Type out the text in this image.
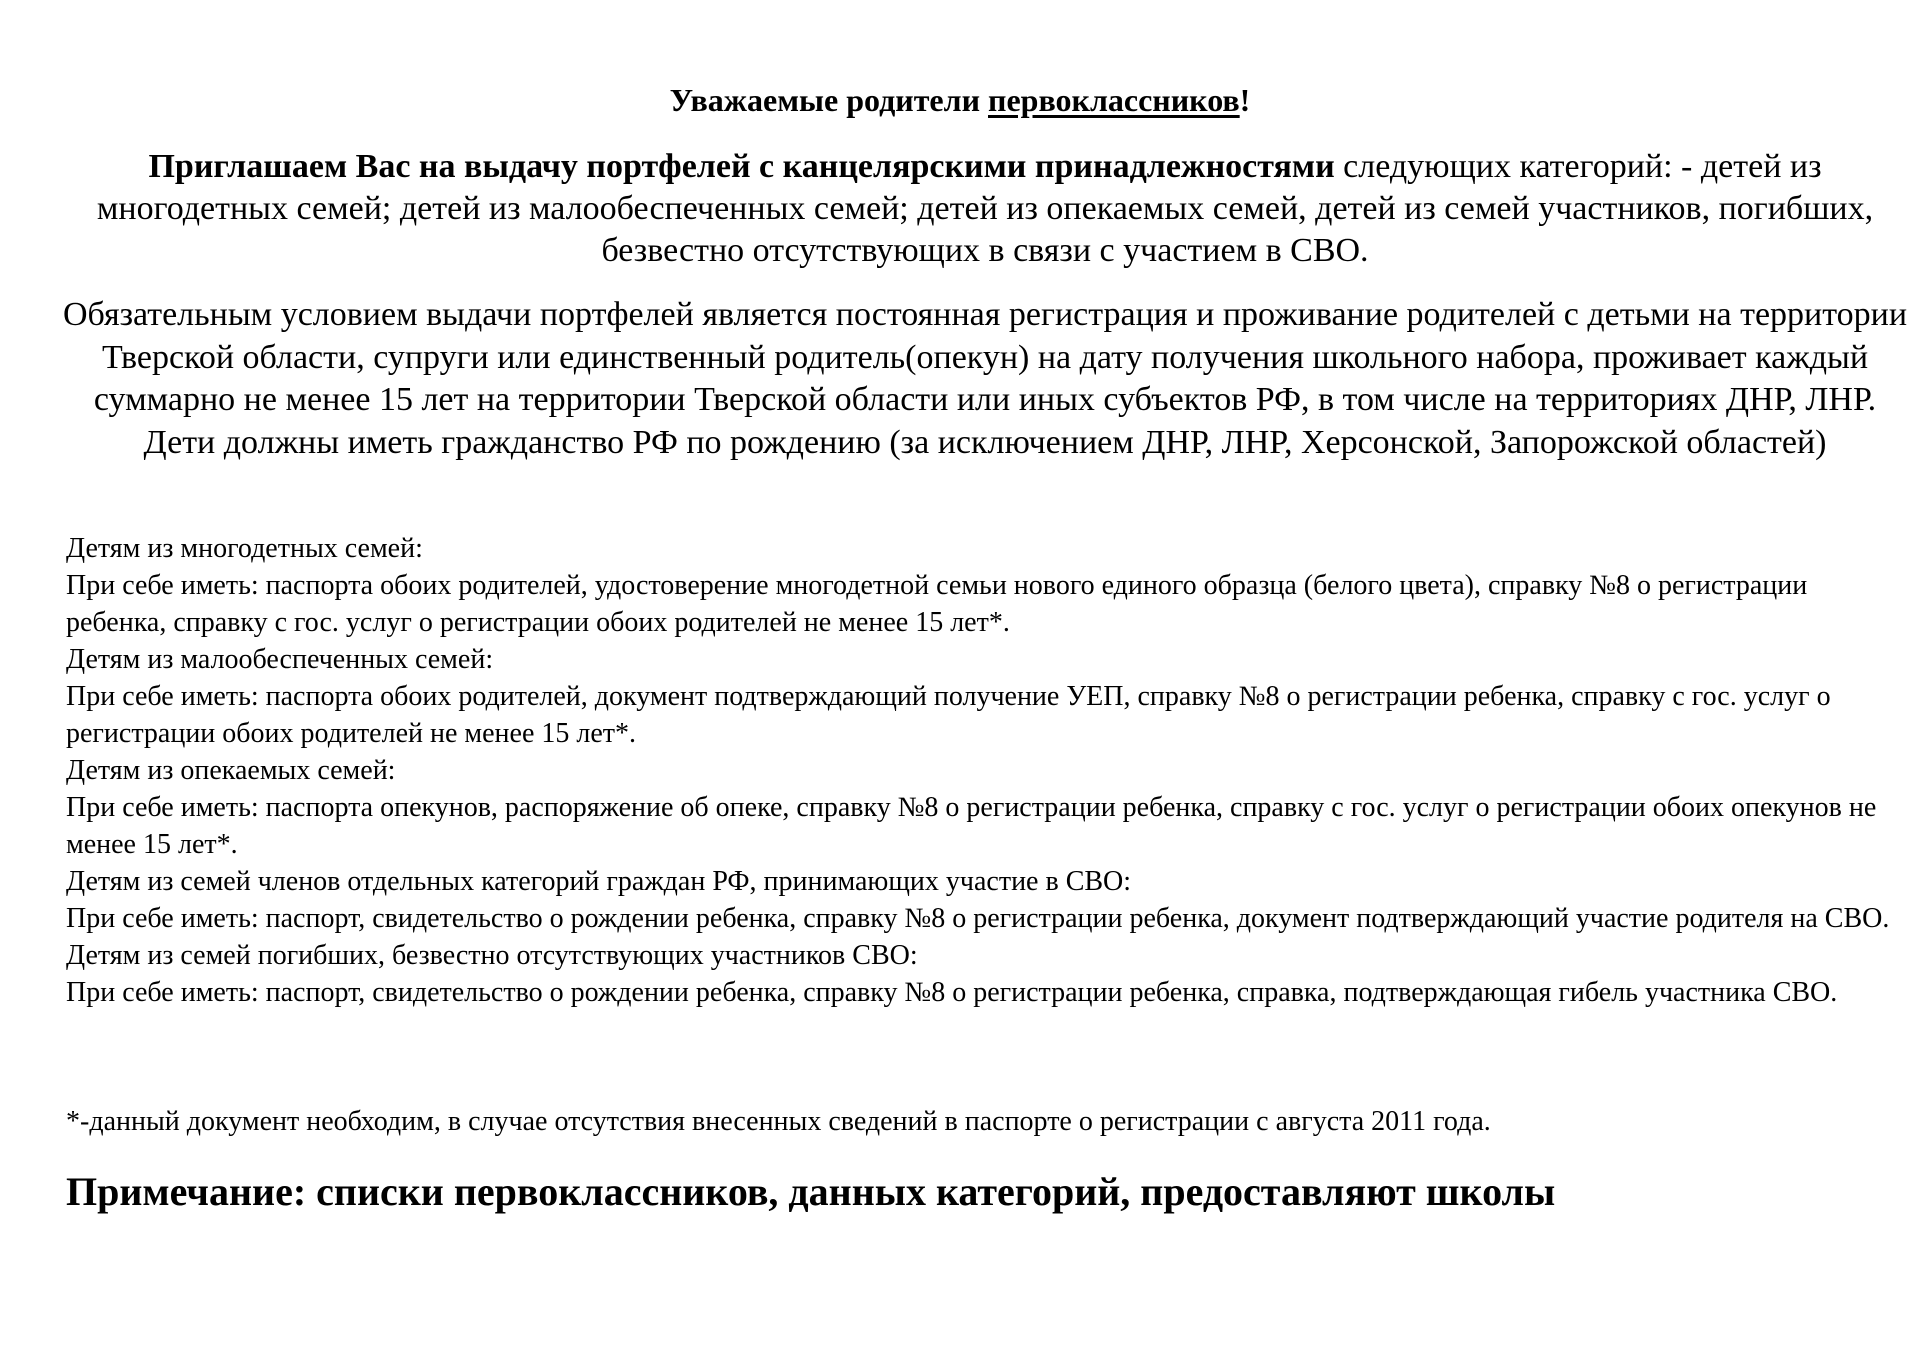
Уважаемые родители первоклассников!

Приглашаем Вас на выдачу портфелей с канцелярскими принадлежностями следующих категорий: - детей из многодетных семей; детей из малообеспеченных семей; детей из опекаемых семей, детей из семей участников, погибших, безвестно отсутствующих в связи с участием в СВО.

Обязательным условием выдачи портфелей является постоянная регистрация и проживание родителей с детьми на территории Тверской области, супруги или единственный родитель(опекун) на дату получения школьного набора, проживает каждый суммарно не менее 15 лет на территории Тверской области или иных субъектов РФ, в том числе на территориях ДНР, ЛНР. Дети должны иметь гражданство РФ по рождению (за исключением ДНР, ЛНР, Херсонской, Запорожской областей)

Детям из многодетных семей:

При себе иметь: паспорта обоих родителей, удостоверение многодетной семьи нового единого образца (белого цвета), справку №8 о регистрации ребенка, справку с гос. услуг о регистрации обоих родителей не менее 15 лет*.

Детям из малообеспеченных семей:

При себе иметь: паспорта обоих родителей, документ подтверждающий получение УЕП, справку №8 о регистрации ребенка, справку с гос. услуг о регистрации обоих родителей не менее 15 лет*.

Детям из опекаемых семей:

При себе иметь: паспорта опекунов, распоряжение об опеке, справку №8 о регистрации ребенка, справку с гос. услуг о регистрации обоих опекунов не менее 15 лет*.

Детям из семей членов отдельных категорий граждан РФ, принимающих участие в СВО:

При себе иметь: паспорт, свидетельство о рождении ребенка, справку №8 о регистрации ребенка, документ подтверждающий участие родителя на СВО.

Детям из семей погибших, безвестно отсутствующих участников СВО:

При себе иметь: паспорт, свидетельство о рождении ребенка, справку №8 о регистрации ребенка, справка, подтверждающая гибель участника СВО.

*-данный документ необходим, в случае отсутствия внесенных сведений в паспорте о регистрации с августа 2011 года.

Примечание: списки первоклассников, данных категорий, предоставляют школы
